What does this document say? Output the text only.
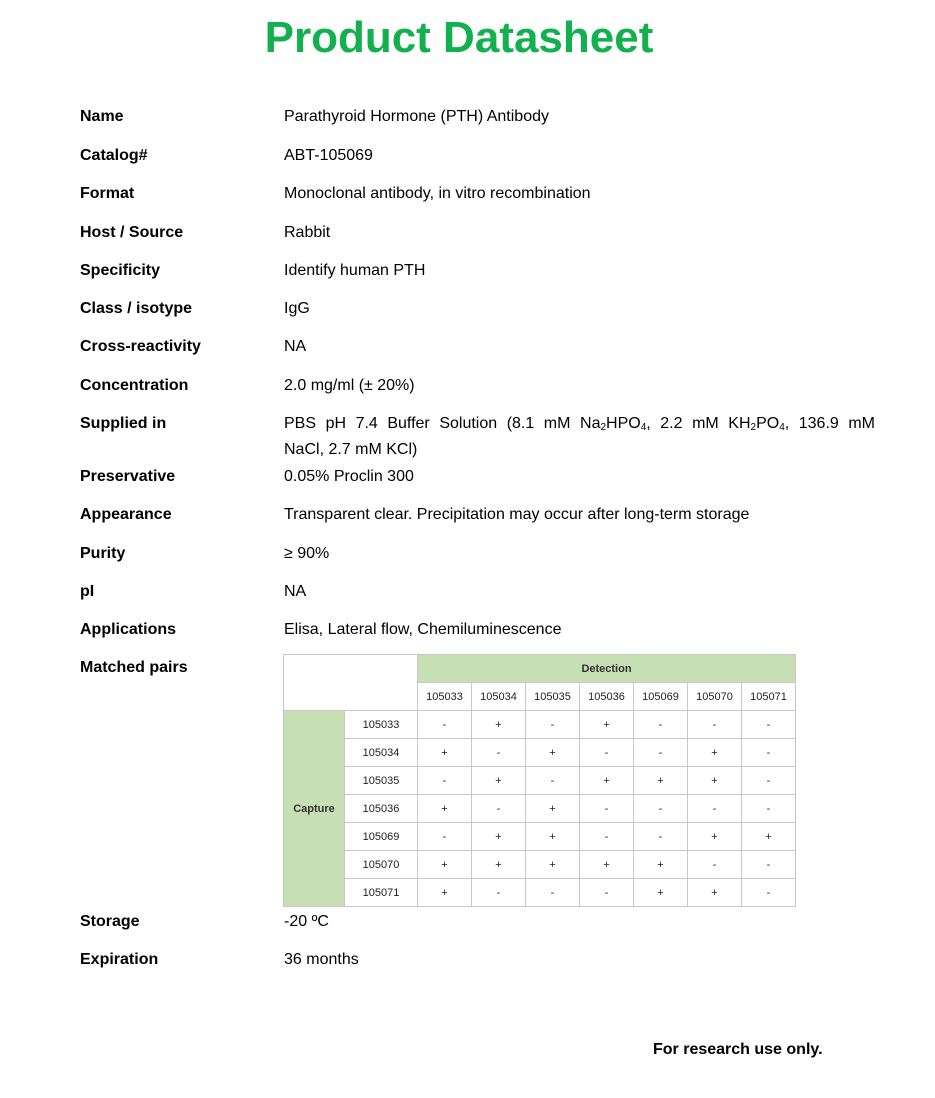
Product Datasheet
Name	Parathyroid Hormone (PTH) Antibody
Catalog#	ABT-105069
Format	Monoclonal antibody, in vitro recombination
Host / Source	Rabbit
Specificity	Identify human PTH
Class / isotype	IgG
Cross-reactivity	NA
Concentration	2.0 mg/ml (± 20%)
Supplied in	PBS pH 7.4 Buffer Solution (8.1 mM $Na_2HPO_4$, 2.2 mM $KH_2PO_4$, 136.9 mM
NaCl, 2.7 mM KCl)
Preservative	0.05% Proclin 300
Appearance	Transparent clear. Precipitation may occur after long-term storage
Purity	≥ 90%
pI	NA
Applications	Elisa, Lateral flow, Chemiluminescence
Matched pairs
		Detection						
		105033	105034	105035	105036	105069	105070	105071
Capture	105033	-	+	-	+	-	-	-
	105034	+	-	+	-	-	+	-
	105035	-	+	-	+	+	+	-
	105036	+	-	+	-	-	-	-
	105069	-	+	+	-	-	+	+
	105070	+	+	+	+	+	-	-
	105071	+	-	-	-	+	+	-
Storage	-20 ºC
Expiration	36 months
For research use only.
